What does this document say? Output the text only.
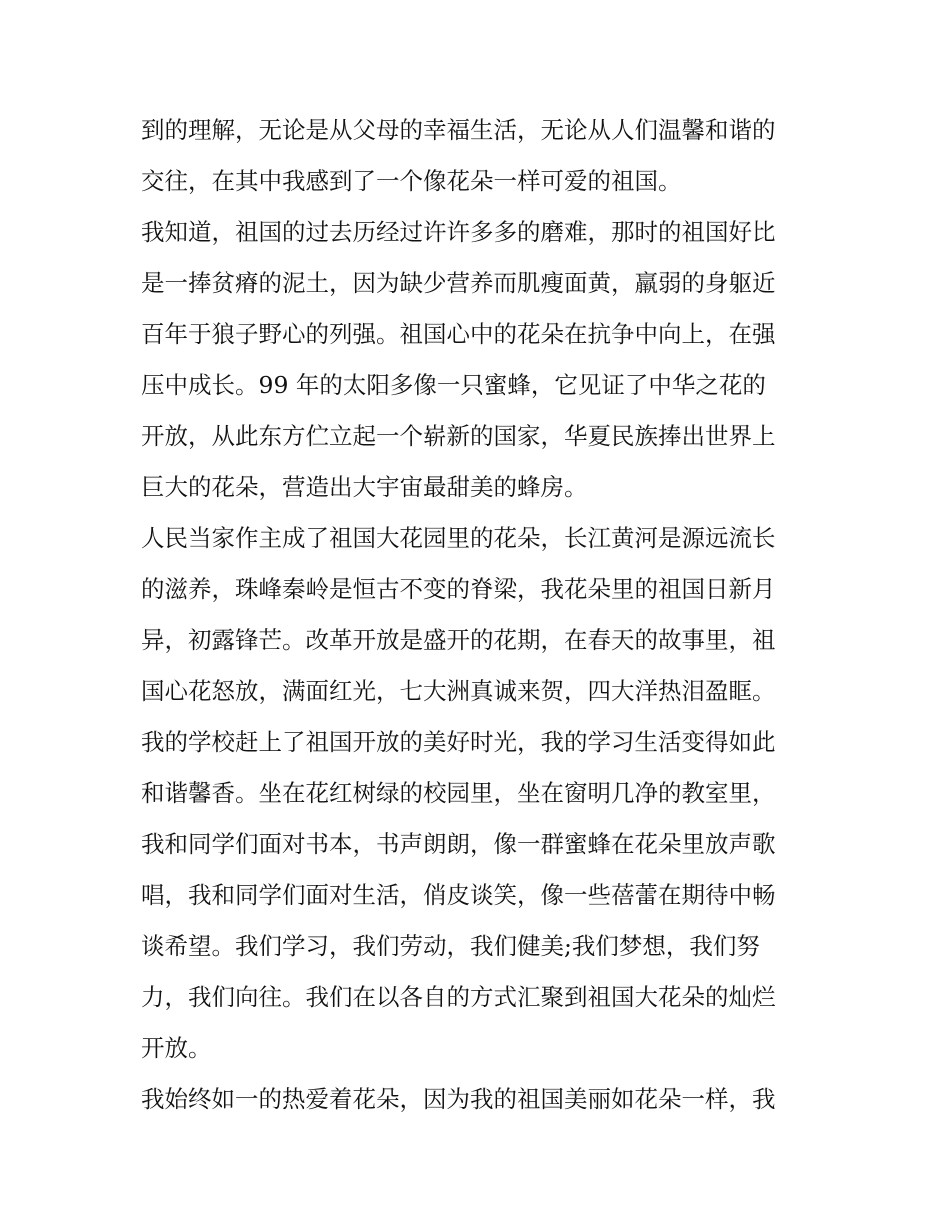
到的理解，无论是从父母的幸福生活，无论从人们温馨和谐的
交往，在其中我感到了一个像花朵一样可爱的祖国。
我知道，祖国的过去历经过许许多多的磨难，那时的祖国好比
是一捧贫瘠的泥土，因为缺少营养而肌瘦面黄，羸弱的身躯近
百年于狼子野心的列强。祖国心中的花朵在抗争中向上，在强
压中成长。99 年的太阳多像一只蜜蜂，它见证了中华之花的
开放，从此东方伫立起一个崭新的国家，华夏民族捧出世界上
巨大的花朵，营造出大宇宙最甜美的蜂房。
人民当家作主成了祖国大花园里的花朵，长江黄河是源远流长
的滋养，珠峰秦岭是恒古不变的脊梁，我花朵里的祖国日新月
异，初露锋芒。改革开放是盛开的花期，在春天的故事里，祖
国心花怒放，满面红光，七大洲真诚来贺，四大洋热泪盈眶。
我的学校赶上了祖国开放的美好时光，我的学习生活变得如此
和谐馨香。坐在花红树绿的校园里，坐在窗明几净的教室里，
我和同学们面对书本，书声朗朗，像一群蜜蜂在花朵里放声歌
唱，我和同学们面对生活，俏皮谈笑，像一些蓓蕾在期待中畅
谈希望。我们学习，我们劳动，我们健美;我们梦想，我们努
力，我们向往。我们在以各自的方式汇聚到祖国大花朵的灿烂
开放。
我始终如一的热爱着花朵，因为我的祖国美丽如花朵一样，我
